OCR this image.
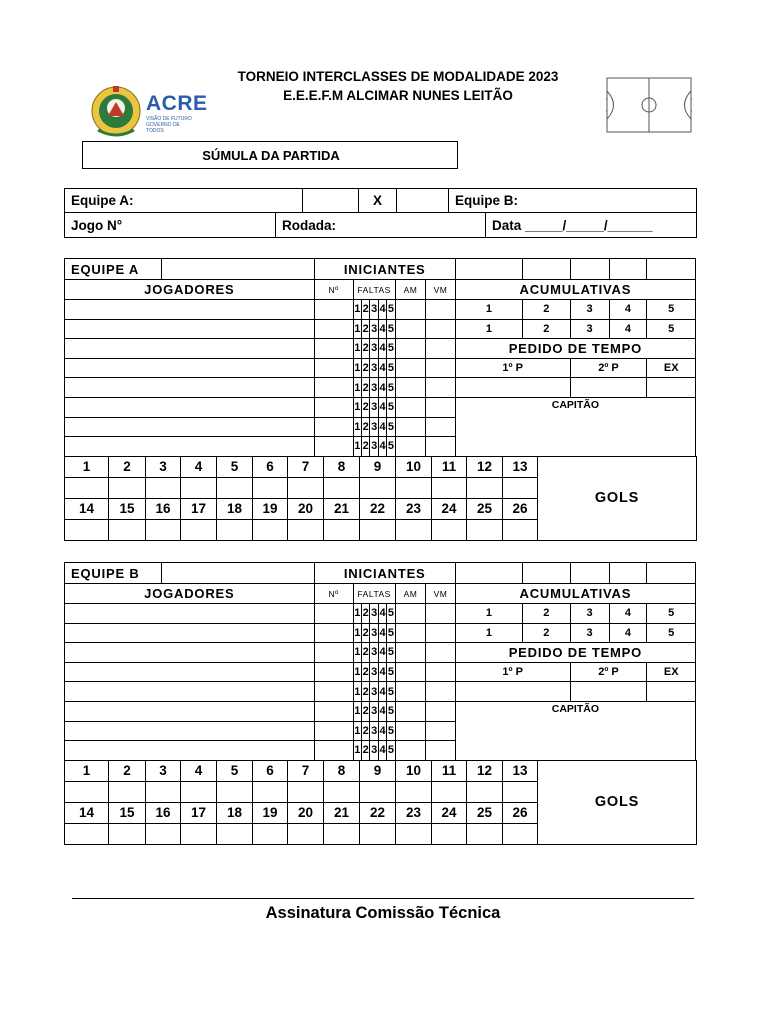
TORNEIO INTERCLASSES DE MODALIDADE 2023
E.E.E.F.M ALCIMAR NUNES LEITÃO
ACRE
VISÃO DE FUTURO
GOVERNO DE TODOS
SÚMULA DA PARTIDA
Equipe A:		X		Equipe B:
Jogo N°	Rodada:	Data _____/_____/______
EQUIPE A		INICIANTES												
JOGADORES		Nº	FALTAS					AM	VM	ACUMULATIVAS				
			1	2	3	4	5			1	2	3	4	5
			1	2	3	4	5			1	2	3	4	5
			1	2	3	4	5			PEDIDO DE TEMPO				
			1	2	3	4	5			1º P		2º P		EX
			1	2	3	4	5							
			1	2	3	4	5			CAPITÃO				
			1	2	3	4	5							
			1	2	3	4	5							
1	2	3	4	5	6	7	8	9	10	11	12	13	GOLS

14	15	16	17	18	19	20	21	22	23	24	25	26	

EQUIPE B		INICIANTES												
JOGADORES		Nº	FALTAS					AM	VM	ACUMULATIVAS				
			1	2	3	4	5			1	2	3	4	5
			1	2	3	4	5			1	2	3	4	5
			1	2	3	4	5			PEDIDO DE TEMPO				
			1	2	3	4	5			1º P		2º P		EX
			1	2	3	4	5							
			1	2	3	4	5			CAPITÃO				
			1	2	3	4	5							
			1	2	3	4	5							
1	2	3	4	5	6	7	8	9	10	11	12	13	GOLS

14	15	16	17	18	19	20	21	22	23	24	25	26	

Assinatura Comissão Técnica
